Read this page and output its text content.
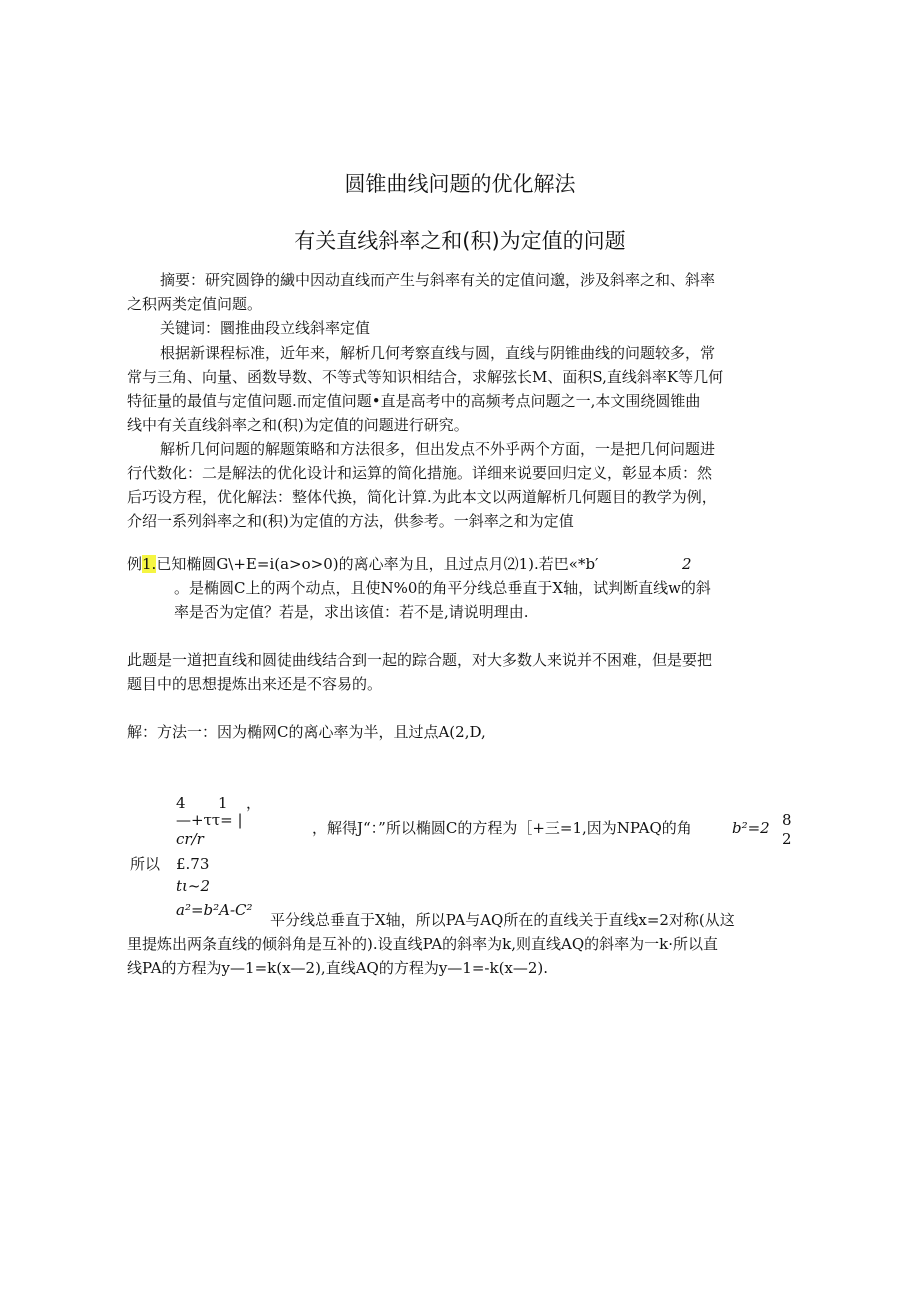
圆锥曲线问题的优化解法
有关直线斜率之和(积)为定值的问题
摘要：研究圆铮的繊中因动直线而产生与斜率有关的定值问邈，涉及斜率之和、斜率
之积两类定值问题。
关键词：圜推曲段立线斜率定值
根据新课程标准，近年来，解析几何考察直线与圆，直线与阴锥曲线的问题较多，常
常与三角、向量、函数导数、不等式等知识相结合，求解弦长M、面积S,直线斜率K等几何
特征量的最值与定值问题.而定值问题•直是高考中的高频考点问题之一,本文围绕圆锥曲
线中有关直线斜率之和(积)为定值的问题进行研究。
解析几何问题的解题策略和方法很多，但出发点不外乎两个方面，一是把几何问题进
行代数化：二是解法的优化设计和运算的简化措施。详细来说要回归定义，彰显本质：然
后巧设方程，优化解法：整体代换，简化计算.为此本文以两道解析几何题目的教学为例，
介绍一系列斜率之和(积)为定值的方法，供参考。一斜率之和为定值
例1.已知椭圆G\+E=i(a>o>0)的离心率为且，且过点月⑵1).若巴«*b′	2
。是椭圆C上的两个动点，且使N%0的角平分线总垂直于X轴，试判断直线w的斜
率是否为定值？若是，求出该值：若不是,请说明理由.
此题是一道把直线和圆徒曲线结合到一起的踪合题，对大多数人来说并不困难，但是要把
题目中的思想提炼出来还是不容易的。
解：方法一：因为椭网C的离心率为半，且过点A(2,D,
4 1 ，
—+ττ= |
cr/r
，解得J“：”所以椭圆C的方程为［+三=1,因为NPAQ的角	b²=2 8
2
所以 £.73
tι~2
a²=b²A-C²
平分线总垂直于X轴，所以PA与AQ所在的直线关于直线x=2对称(从这
里提炼出两条直线的倾斜角是互补的).设直线PA的斜率为k,则直线AQ的斜率为一k·所以直
线PA的方程为y—1=k(x—2),直线AQ的方程为y—1=-k(x—2).
